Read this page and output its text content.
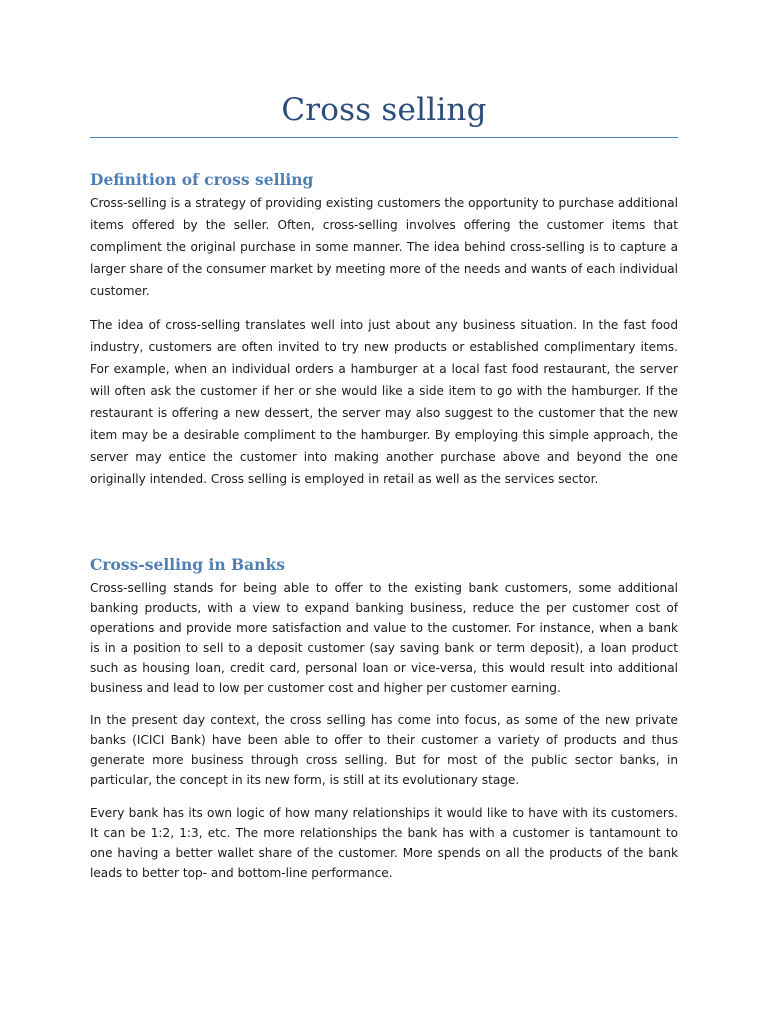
Cross selling
Definition of cross selling

Cross-selling is a strategy of providing existing customers the opportunity to purchase additional items offered by the seller. Often, cross-selling involves offering the customer items that compliment the original purchase in some manner. The idea behind cross-selling is to capture a larger share of the consumer market by meeting more of the needs and wants of each individual customer.

The idea of cross-selling translates well into just about any business situation. In the fast food industry, customers are often invited to try new products or established complimentary items. For example, when an individual orders a hamburger at a local fast food restaurant, the server will often ask the customer if her or she would like a side item to go with the hamburger. If the restaurant is offering a new dessert, the server may also suggest to the customer that the new item may be a desirable compliment to the hamburger. By employing this simple approach, the server may entice the customer into making another purchase above and beyond the one originally intended. Cross selling is employed in retail as well as the services sector.

Cross-selling in Banks

Cross-selling stands for being able to offer to the existing bank customers, some additional banking products, with a view to expand banking business, reduce the per customer cost of operations and provide more satisfaction and value to the customer. For instance, when a bank is in a position to sell to a deposit customer (say saving bank or term deposit), a loan product such as housing loan, credit card, personal loan or vice-versa, this would result into additional business and lead to low per customer cost and higher per customer earning.

In the present day context, the cross selling has come into focus, as some of the new private banks (ICICI Bank) have been able to offer to their customer a variety of products and thus generate more business through cross selling. But for most of the public sector banks, in particular, the concept in its new form, is still at its evolutionary stage.

Every bank has its own logic of how many relationships it would like to have with its customers. It can be 1:2, 1:3, etc. The more relationships the bank has with a customer is tantamount to one having a better wallet share of the customer. More spends on all the products of the bank leads to better top- and bottom-line performance.
